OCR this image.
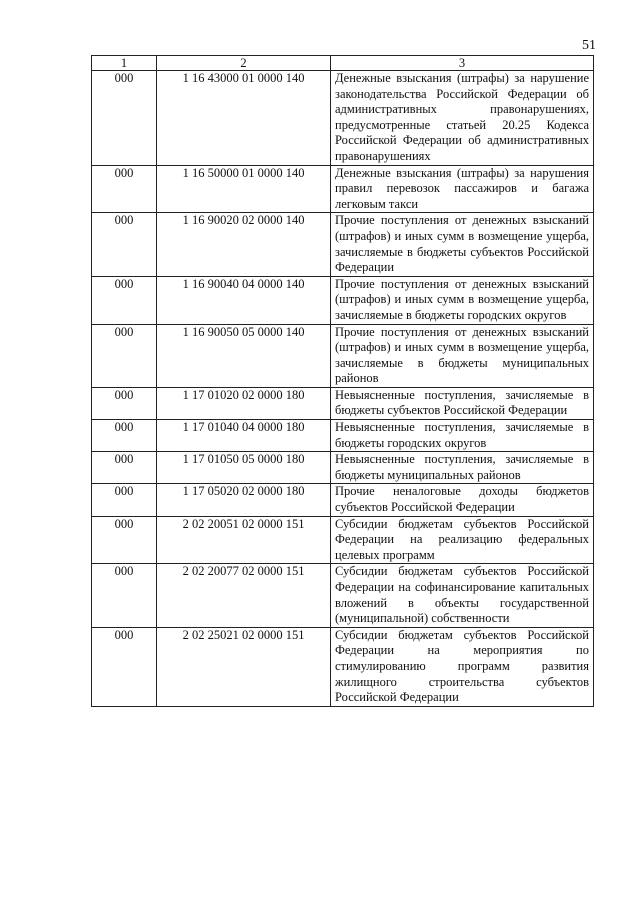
51
1	2	3
000	1 16 43000 01 0000 140	Денежные взыскания (штрафы) за нарушение законодательства Российской Федерации об административных правонарушениях, предусмотренные статьей 20.25 Кодекса Российской Федерации об административных правонарушениях
000	1 16 50000 01 0000 140	Денежные взыскания (штрафы) за нарушения правил перевозок пассажиров и багажа легковым такси
000	1 16 90020 02 0000 140	Прочие поступления от денежных взысканий (штрафов) и иных сумм в возмещение ущерба, зачисляемые в бюджеты субъектов Российской Федерации
000	1 16 90040 04 0000 140	Прочие поступления от денежных взысканий (штрафов) и иных сумм в возмещение ущерба, зачисляемые в бюджеты городских округов
000	1 16 90050 05 0000 140	Прочие поступления от денежных взысканий (штрафов) и иных сумм в возмещение ущерба, зачисляемые в бюджеты муниципальных районов
000	1 17 01020 02 0000 180	Невыясненные поступления, зачисляемые в бюджеты субъектов Российской Федерации
000	1 17 01040 04 0000 180	Невыясненные поступления, зачисляемые в бюджеты городских округов
000	1 17 01050 05 0000 180	Невыясненные поступления, зачисляемые в бюджеты муниципальных районов
000	1 17 05020 02 0000 180	Прочие неналоговые доходы бюджетов субъектов Российской Федерации
000	2 02 20051 02 0000 151	Субсидии бюджетам субъектов Российской Федерации на реализацию федеральных целевых программ
000	2 02 20077 02 0000 151	Субсидии бюджетам субъектов Российской Федерации на софинансирование капитальных вложений в объекты государственной (муниципальной) собственности
000	2 02 25021 02 0000 151	Субсидии бюджетам субъектов Российской Федерации на мероприятия по стимулированию программ развития жилищного строительства субъектов Российской Федерации
